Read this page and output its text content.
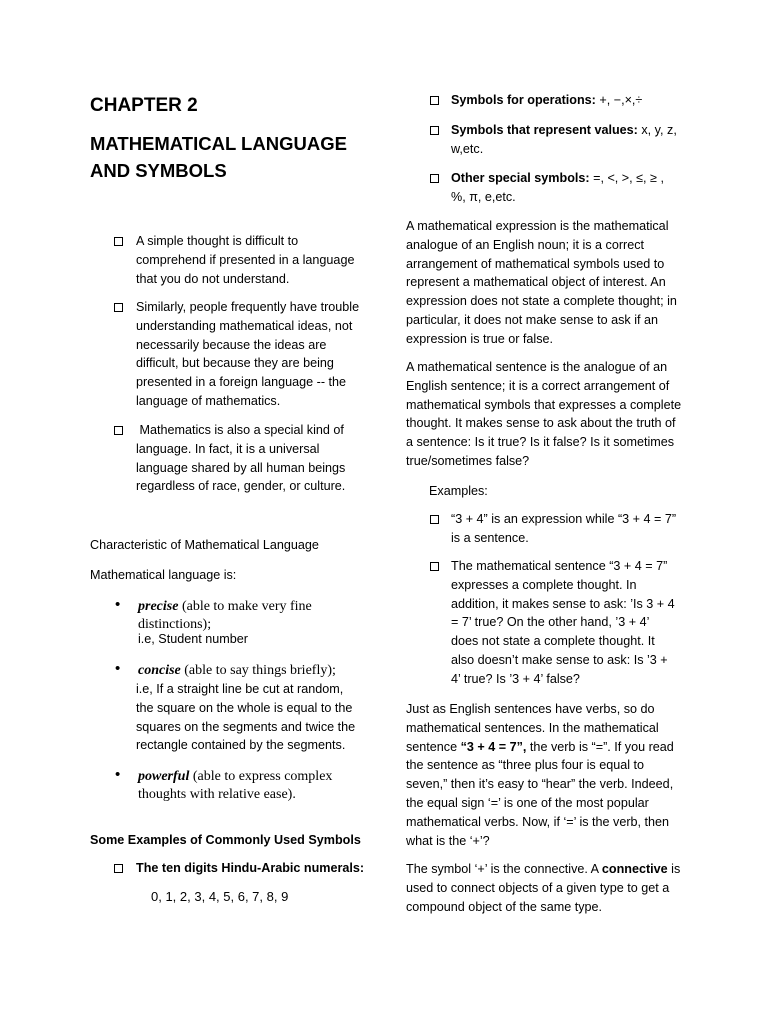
CHAPTER 2
MATHEMATICAL LANGUAGE AND SYMBOLS
A simple thought is difficult to comprehend if presented in a language that you do not understand.
Similarly, people frequently have trouble understanding mathematical ideas, not necessarily because the ideas are difficult, but because they are being presented in a foreign language -- the language of mathematics.
Mathematics is also a special kind of language. In fact, it is a universal language shared by all human beings regardless of race, gender, or culture.
Characteristic of Mathematical Language
Mathematical language is:
• precise (able to make very fine distinctions);
i.e, Student number
• concise (able to say things briefly);
i.e, If a straight line be cut at random, the square on the whole is equal to the squares on the segments and twice the rectangle contained by the segments.
• powerful (able to express complex thoughts with relative ease).
Some Examples of Commonly Used Symbols
The ten digits Hindu-Arabic numerals:
0, 1, 2, 3, 4, 5, 6, 7, 8, 9
Symbols for operations: +, −,×,÷
Symbols that represent values: x, y, z, w,etc.
Other special symbols: =, <, >, ≤, ≥ , %, π, e,etc.
A mathematical expression is the mathematical analogue of an English noun; it is a correct arrangement of mathematical symbols used to represent a mathematical object of interest. An expression does not state a complete thought; in particular, it does not make sense to ask if an expression is true or false.
A mathematical sentence is the analogue of an English sentence; it is a correct arrangement of mathematical symbols that expresses a complete thought. It makes sense to ask about the truth of a sentence: Is it true? Is it false? Is it sometimes true/sometimes false?
Examples:
“3 + 4” is an expression while “3 + 4 = 7” is a sentence.
The mathematical sentence “3 + 4 = 7” expresses a complete thought. In addition, it makes sense to ask: ’Is 3 + 4 = 7’ true? On the other hand, ’3 + 4’ does not state a complete thought. It also doesn’t make sense to ask: Is ’3 + 4’ true? Is ’3 + 4’ false?
Just as English sentences have verbs, so do mathematical sentences. In the mathematical sentence “3 + 4 = 7”, the verb is “=”. If you read the sentence as “three plus four is equal to seven,” then it’s easy to “hear” the verb. Indeed, the equal sign ‘=’ is one of the most popular mathematical verbs. Now, if ‘=’ is the verb, then what is the ‘+’?
The symbol ‘+’ is the connective. A connective is used to connect objects of a given type to get a compound object of the same type.
